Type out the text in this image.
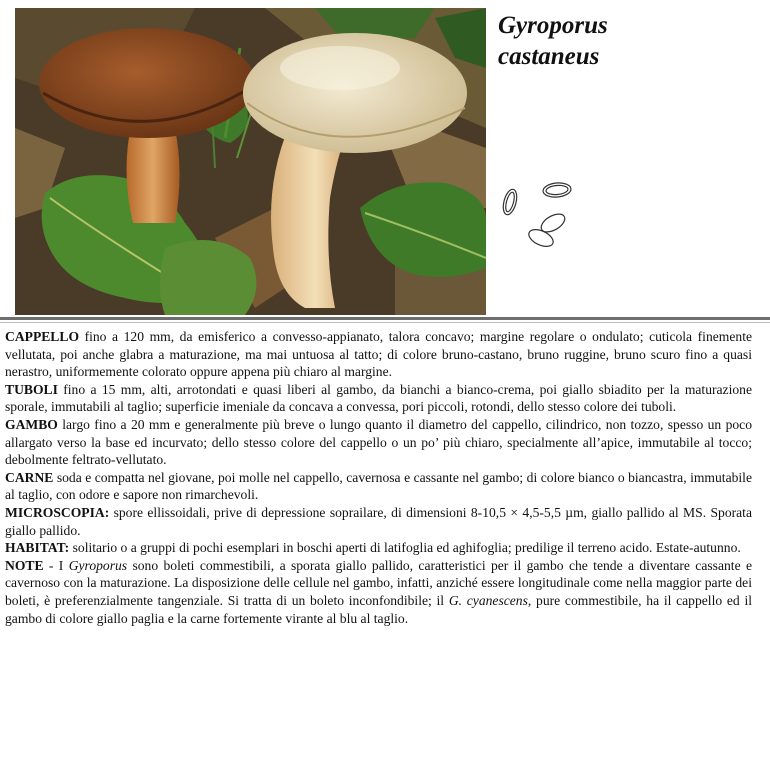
Gyroporus
castaneus

CAPPELLO fino a 120 mm, da emisferico a convesso-appianato, talora concavo; margine regolare o ondulato; cuticola finemente vellutata, poi anche glabra a maturazione, ma mai untuosa al tatto; di colore bruno-castano, bruno ruggine, bruno scuro fino a quasi nerastro, uniformemente colorato oppure appena più chiaro al margine.

TUBOLI fino a 15 mm, alti, arrotondati e quasi liberi al gambo, da bianchi a bianco-crema, poi giallo sbiadito per la maturazione sporale, immutabili al taglio; superficie imeniale da concava a convessa, pori piccoli, rotondi, dello stesso colore dei tuboli.

GAMBO largo fino a 20 mm e generalmente più breve o lungo quanto il diametro del cappello, cilindrico, non tozzo, spesso un poco allargato verso la base ed incurvato; dello stesso colore del cappello o un po’ più chiaro, specialmente all’apice, immutabile al tocco; debolmente feltrato-vellutato.

CARNE soda e compatta nel giovane, poi molle nel cappello, cavernosa e cassante nel gambo; di colore bianco o biancastra, immutabile al taglio, con odore e sapore non rimarchevoli.

MICROSCOPIA: spore ellissoidali, prive di depressione soprailare, di dimensioni 8-10,5 × 4,5-5,5 µm, giallo pallido al MS. Sporata giallo pallido.

HABITAT: solitario o a gruppi di pochi esemplari in boschi aperti di latifoglia ed aghifoglia; predilige il terreno acido. Estate-autunno.

NOTE - I Gyroporus sono boleti commestibili, a sporata giallo pallido, caratteristici per il gambo che tende a diventare cassante e cavernoso con la maturazione. La disposizione delle cellule nel gambo, infatti, anziché essere longitudinale come nella maggior parte dei boleti, è preferenzialmente tangenziale. Si tratta di un boleto inconfondibile; il G. cyanescens, pure commestibile, ha il cappello ed il gambo di colore giallo paglia e la carne fortemente virante al blu al taglio.
